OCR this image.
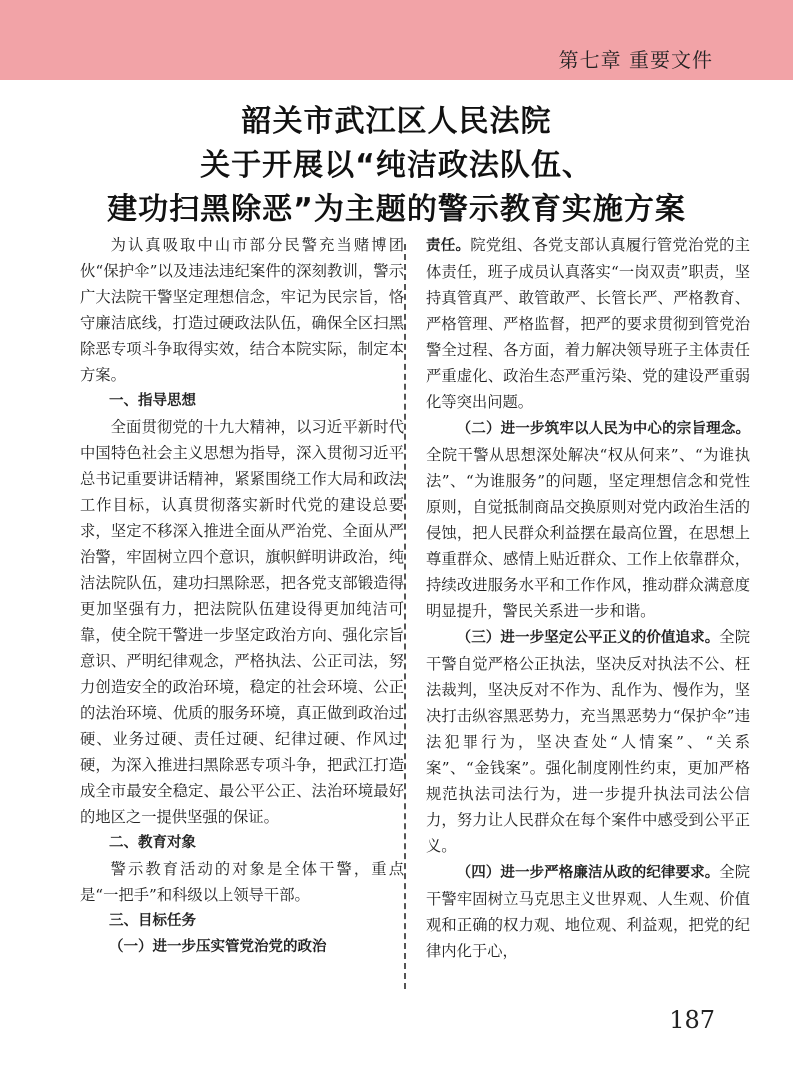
第七章 重要文件
韶关市武江区人民法院
关于开展以“纯洁政法队伍、
建功扫黑除恶”为主题的警示教育实施方案

为认真吸取中山市部分民警充当赌博团伙“保护伞”以及违法违纪案件的深刻教训，警示广大法院干警坚定理想信念，牢记为民宗旨，恪守廉洁底线，打造过硬政法队伍，确保全区扫黑除恶专项斗争取得实效，结合本院实际，制定本方案。

一、指导思想

全面贯彻党的十九大精神，以习近平新时代中国特色社会主义思想为指导，深入贯彻习近平总书记重要讲话精神，紧紧围绕工作大局和政法工作目标，认真贯彻落实新时代党的建设总要求，坚定不移深入推进全面从严治党、全面从严治警，牢固树立四个意识，旗帜鲜明讲政治，纯洁法院队伍，建功扫黑除恶，把各党支部锻造得更加坚强有力，把法院队伍建设得更加纯洁可靠，使全院干警进一步坚定政治方向、强化宗旨意识、严明纪律观念，严格执法、公正司法，努力创造安全的政治环境，稳定的社会环境、公正的法治环境、优质的服务环境，真正做到政治过硬、业务过硬、责任过硬、纪律过硬、作风过硬，为深入推进扫黑除恶专项斗争，把武江打造成全市最安全稳定、最公平公正、法治环境最好的地区之一提供坚强的保证。

二、教育对象

警示教育活动的对象是全体干警，重点是“一把手”和科级以上领导干部。

三、目标任务

（一）进一步压实管党治党的政治

责任。院党组、各党支部认真履行管党治党的主体责任，班子成员认真落实“一岗双责”职责，坚持真管真严、敢管敢严、长管长严、严格教育、严格管理、严格监督，把严的要求贯彻到管党治警全过程、各方面，着力解决领导班子主体责任严重虚化、政治生态严重污染、党的建设严重弱化等突出问题。

（二）进一步筑牢以人民为中心的宗旨理念。全院干警从思想深处解决“权从何来”、“为谁执法”、“为谁服务”的问题，坚定理想信念和党性原则，自觉抵制商品交换原则对党内政治生活的侵蚀，把人民群众利益摆在最高位置，在思想上尊重群众、感情上贴近群众、工作上依靠群众，持续改进服务水平和工作作风，推动群众满意度明显提升，警民关系进一步和谐。

（三）进一步坚定公平正义的价值追求。全院干警自觉严格公正执法，坚决反对执法不公、枉法裁判，坚决反对不作为、乱作为、慢作为，坚决打击纵容黑恶势力，充当黑恶势力“保护伞”违法犯罪行为，坚决查处“人情案”、“关系案”、“金钱案”。强化制度刚性约束，更加严格规范执法司法行为，进一步提升执法司法公信力，努力让人民群众在每个案件中感受到公平正义。

（四）进一步严格廉洁从政的纪律要求。全院干警牢固树立马克思主义世界观、人生观、价值观和正确的权力观、地位观、利益观，把党的纪律内化于心，

187
